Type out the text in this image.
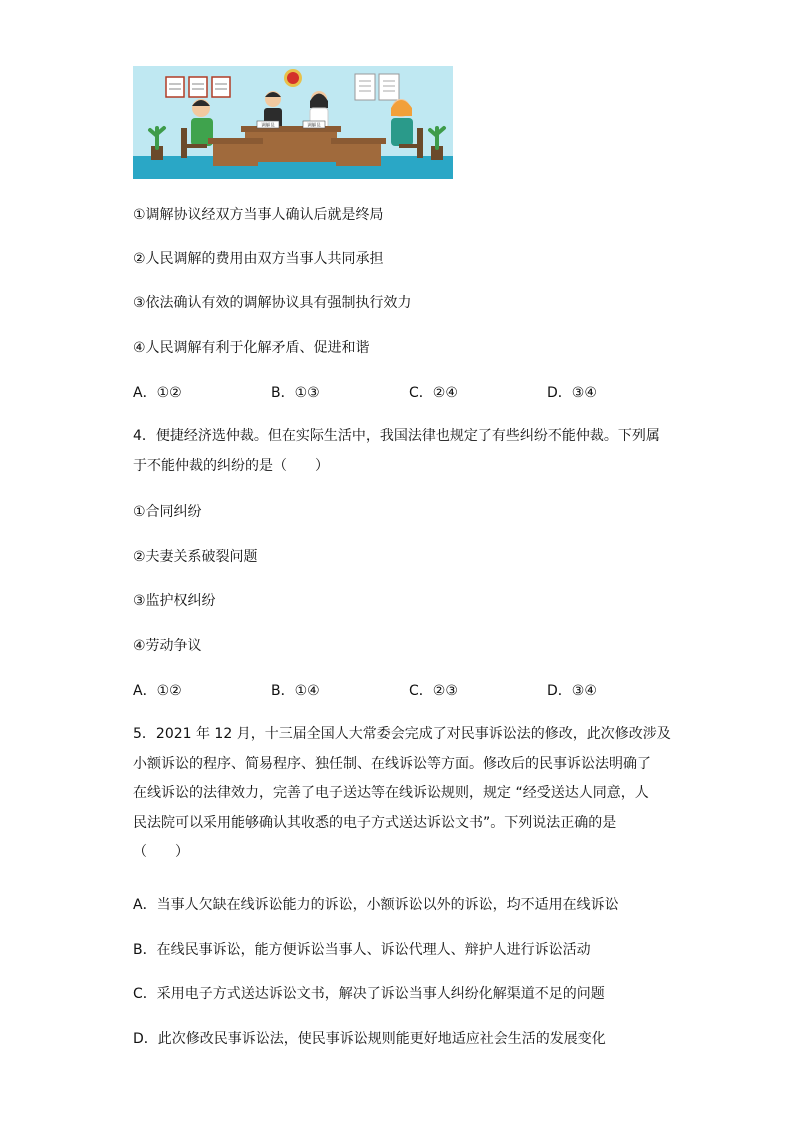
调解员	调解员
①调解协议经双方当事人确认后就是终局
②人民调解的费用由双方当事人共同承担
③依法确认有效的调解协议具有强制执行效力
④人民调解有利于化解矛盾、促进和谐
A．①②	B．①③	C．②④	D．③④
4．便捷经济选仲裁。但在实际生活中，我国法律也规定了有些纠纷不能仲裁。下列属
于不能仲裁的纠纷的是（　　）
①合同纠纷
②夫妻关系破裂问题
③监护权纠纷
④劳动争议
A．①②	B．①④	C．②③	D．③④
5．2021 年 12 月，十三届全国人大常委会完成了对民事诉讼法的修改，此次修改涉及
小额诉讼的程序、简易程序、独任制、在线诉讼等方面。修改后的民事诉讼法明确了
在线诉讼的法律效力，完善了电子送达等在线诉讼规则，规定 “经受送达人同意，人
民法院可以采用能够确认其收悉的电子方式送达诉讼文书”。下列说法正确的是
（　　）
A．当事人欠缺在线诉讼能力的诉讼，小额诉讼以外的诉讼，均不适用在线诉讼
B．在线民事诉讼，能方便诉讼当事人、诉讼代理人、辩护人进行诉讼活动
C．采用电子方式送达诉讼文书，解决了诉讼当事人纠纷化解渠道不足的问题
D．此次修改民事诉讼法，使民事诉讼规则能更好地适应社会生活的发展变化
